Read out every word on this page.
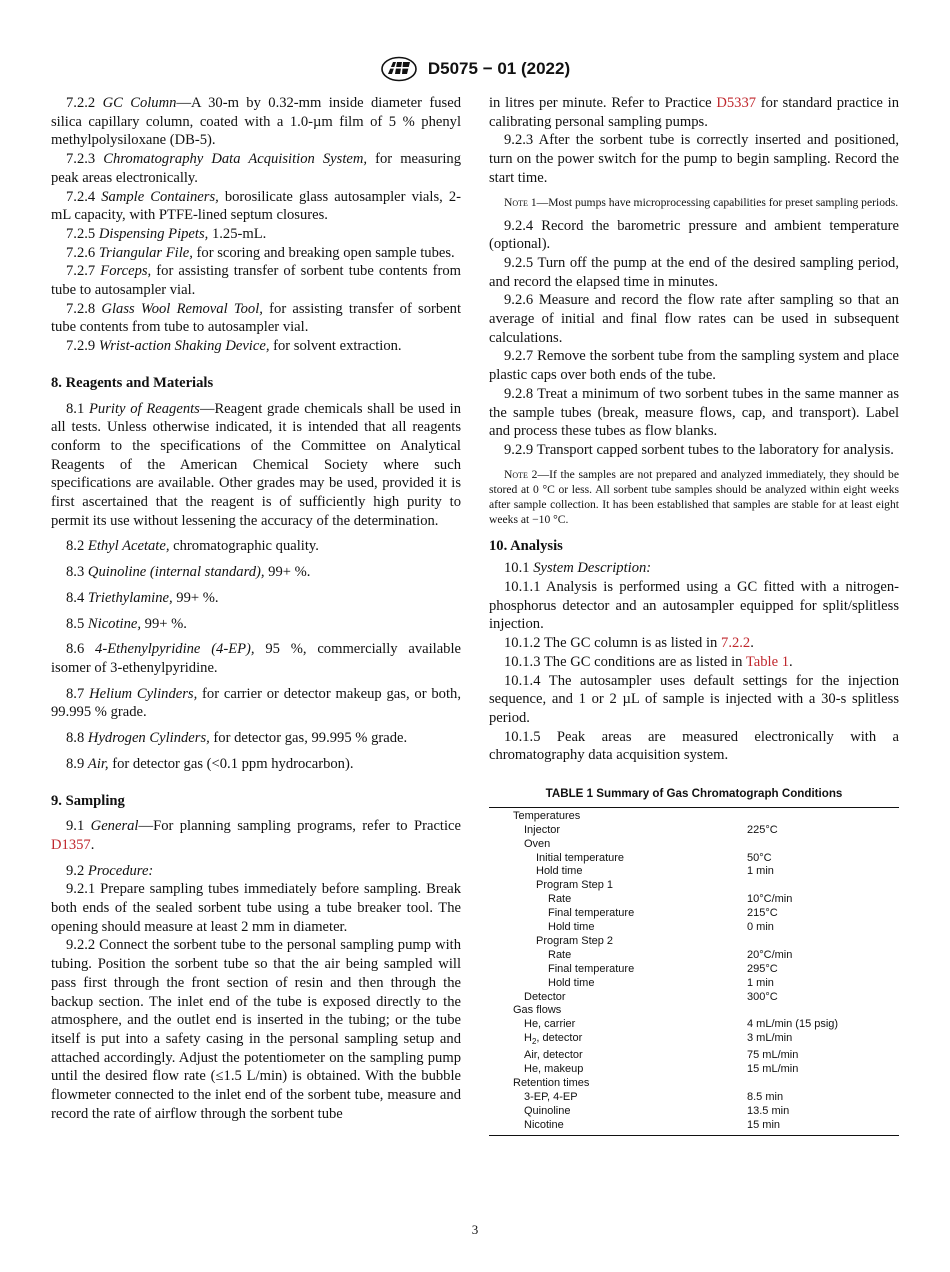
D5075 − 01 (2022)

7.2.2 GC Column—A 30-m by 0.32-mm inside diameter fused silica capillary column, coated with a 1.0-µm film of 5 % phenyl methylpolysiloxane (DB-5).

7.2.3 Chromatography Data Acquisition System, for measuring peak areas electronically.

7.2.4 Sample Containers, borosilicate glass autosampler vials, 2-mL capacity, with PTFE-lined septum closures.

7.2.5 Dispensing Pipets, 1.25-mL.

7.2.6 Triangular File, for scoring and breaking open sample tubes.

7.2.7 Forceps, for assisting transfer of sorbent tube contents from tube to autosampler vial.

7.2.8 Glass Wool Removal Tool, for assisting transfer of sorbent tube contents from tube to autosampler vial.

7.2.9 Wrist-action Shaking Device, for solvent extraction.

8. Reagents and Materials

8.1 Purity of Reagents—Reagent grade chemicals shall be used in all tests. Unless otherwise indicated, it is intended that all reagents conform to the specifications of the Committee on Analytical Reagents of the American Chemical Society where such specifications are available. Other grades may be used, provided it is first ascertained that the reagent is of sufficiently high purity to permit its use without lessening the accuracy of the determination.

8.2 Ethyl Acetate, chromatographic quality.

8.3 Quinoline (internal standard), 99+ %.

8.4 Triethylamine, 99+ %.

8.5 Nicotine, 99+ %.

8.6 4-Ethenylpyridine (4-EP), 95 %, commercially available isomer of 3-ethenylpyridine.

8.7 Helium Cylinders, for carrier or detector makeup gas, or both, 99.995 % grade.

8.8 Hydrogen Cylinders, for detector gas, 99.995 % grade.

8.9 Air, for detector gas (<0.1 ppm hydrocarbon).

9. Sampling

9.1 General—For planning sampling programs, refer to Practice D1357.

9.2 Procedure:

9.2.1 Prepare sampling tubes immediately before sampling. Break both ends of the sealed sorbent tube using a tube breaker tool. The opening should measure at least 2 mm in diameter.

9.2.2 Connect the sorbent tube to the personal sampling pump with tubing. Position the sorbent tube so that the air being sampled will pass first through the front section of resin and then through the backup section. The inlet end of the tube is exposed directly to the atmosphere, and the outlet end is inserted in the tubing; or the tube itself is put into a safety casing in the personal sampling setup and attached accordingly. Adjust the potentiometer on the sampling pump until the desired flow rate (≤1.5 L/min) is obtained. With the bubble flowmeter connected to the inlet end of the sorbent tube, measure and record the rate of airflow through the sorbent tube

in litres per minute. Refer to Practice D5337 for standard practice in calibrating personal sampling pumps.

9.2.3 After the sorbent tube is correctly inserted and positioned, turn on the power switch for the pump to begin sampling. Record the start time.

Note 1—Most pumps have microprocessing capabilities for preset sampling periods.

9.2.4 Record the barometric pressure and ambient temperature (optional).

9.2.5 Turn off the pump at the end of the desired sampling period, and record the elapsed time in minutes.

9.2.6 Measure and record the flow rate after sampling so that an average of initial and final flow rates can be used in subsequent calculations.

9.2.7 Remove the sorbent tube from the sampling system and place plastic caps over both ends of the tube.

9.2.8 Treat a minimum of two sorbent tubes in the same manner as the sample tubes (break, measure flows, cap, and transport). Label and process these tubes as flow blanks.

9.2.9 Transport capped sorbent tubes to the laboratory for analysis.

Note 2—If the samples are not prepared and analyzed immediately, they should be stored at 0 °C or less. All sorbent tube samples should be analyzed within eight weeks after sample collection. It has been established that samples are stable for at least eight weeks at −10 °C.

10. Analysis

10.1 System Description:

10.1.1 Analysis is performed using a GC fitted with a nitrogen-phosphorus detector and an autosampler equipped for split/splitless injection.

10.1.2 The GC column is as listed in 7.2.2.

10.1.3 The GC conditions are as listed in Table 1.

10.1.4 The autosampler uses default settings for the injection sequence, and 1 or 2 µL of sample is injected with a 30-s splitless period.

10.1.5 Peak areas are measured electronically with a chromatography data acquisition system.

TABLE 1 Summary of Gas Chromatograph Conditions
Temperatures	
Injector	225°C
Oven	
Initial temperature	50°C
Hold time	1 min
Program Step 1	
Rate	10°C/min
Final temperature	215°C
Hold time	0 min
Program Step 2	
Rate	20°C/min
Final temperature	295°C
Hold time	1 min
Detector	300°C
Gas flows	
He, carrier	4 mL/min (15 psig)
$H_2$, detector	3 mL/min
Air, detector	75 mL/min
He, makeup	15 mL/min
Retention times	
3-EP, 4-EP	8.5 min
Quinoline	13.5 min
Nicotine	15 min
3
